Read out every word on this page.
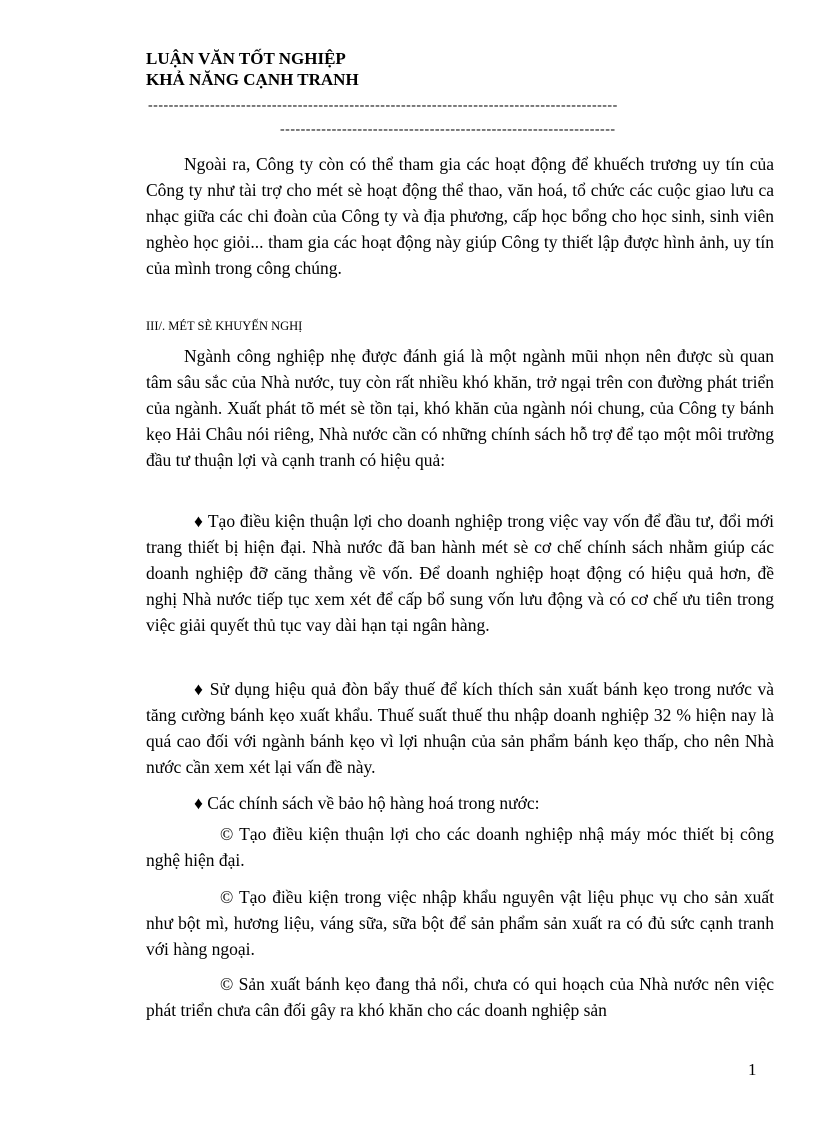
LUẬN VĂN TỐT NGHIỆP
KHẢ NĂNG CẠNH TRANH
-------------------------------------------------------------------------------------------
-----------------------------------------------------------------

Ngoài ra, Công ty còn có thể tham gia các hoạt động để khuếch trương uy tín của Công ty như tài trợ cho mét sè hoạt động thể thao, văn hoá, tổ chức các cuộc giao lưu ca nhạc giữa các chi đoàn của Công ty và địa phương, cấp học bổng cho học sinh, sinh viên nghèo học giỏi... tham gia các hoạt động này giúp Công ty thiết lập được hình ảnh, uy tín của mình trong công chúng.

III/. MÉT SÈ KHUYẾN NGHỊ

Ngành công nghiệp nhẹ được đánh giá là một ngành mũi nhọn nên được sù quan tâm sâu sắc của Nhà nước, tuy còn rất nhiều khó khăn, trở ngại trên con đường phát triển của ngành. Xuất phát tõ mét sè tồn tại, khó khăn của ngành nói chung, của Công ty bánh kẹo Hải Châu nói riêng, Nhà nước cần có những chính sách hỗ trợ để tạo một môi trường đầu tư thuận lợi và cạnh tranh có hiệu quả:

♦ Tạo điều kiện thuận lợi cho doanh nghiệp trong việc vay vốn để đầu tư, đổi mới trang thiết bị hiện đại. Nhà nước đã ban hành mét sè cơ chế chính sách nhằm giúp các doanh nghiệp đỡ căng thẳng về vốn. Để doanh nghiệp hoạt động có hiệu quả hơn, đề nghị Nhà nước tiếp tục xem xét để cấp bổ sung vốn lưu động và có cơ chế ưu tiên trong việc giải quyết thủ tục vay dài hạn tại ngân hàng.

♦ Sử dụng hiệu quả đòn bẩy thuế để kích thích sản xuất bánh kẹo trong nước và tăng cường bánh kẹo xuất khẩu. Thuế suất thuế thu nhập doanh nghiệp 32 % hiện nay là quá cao đối với ngành bánh kẹo vì lợi nhuận của sản phẩm bánh kẹo thấp, cho nên Nhà nước cần xem xét lại vấn đề này.

♦ Các chính sách về bảo hộ hàng hoá trong nước:

© Tạo điều kiện thuận lợi cho các doanh nghiệp nhậ máy móc thiết bị công nghệ hiện đại.

© Tạo điều kiện trong việc nhập khẩu nguyên vật liệu phục vụ cho sản xuất như bột mì, hương liệu, váng sữa, sữa bột để sản phẩm sản xuất ra có đủ sức cạnh tranh với hàng ngoại.

© Sản xuất bánh kẹo đang thả nổi, chưa có qui hoạch của Nhà nước nên việc phát triển chưa cân đối gây ra khó khăn cho các doanh nghiệp sản

1
